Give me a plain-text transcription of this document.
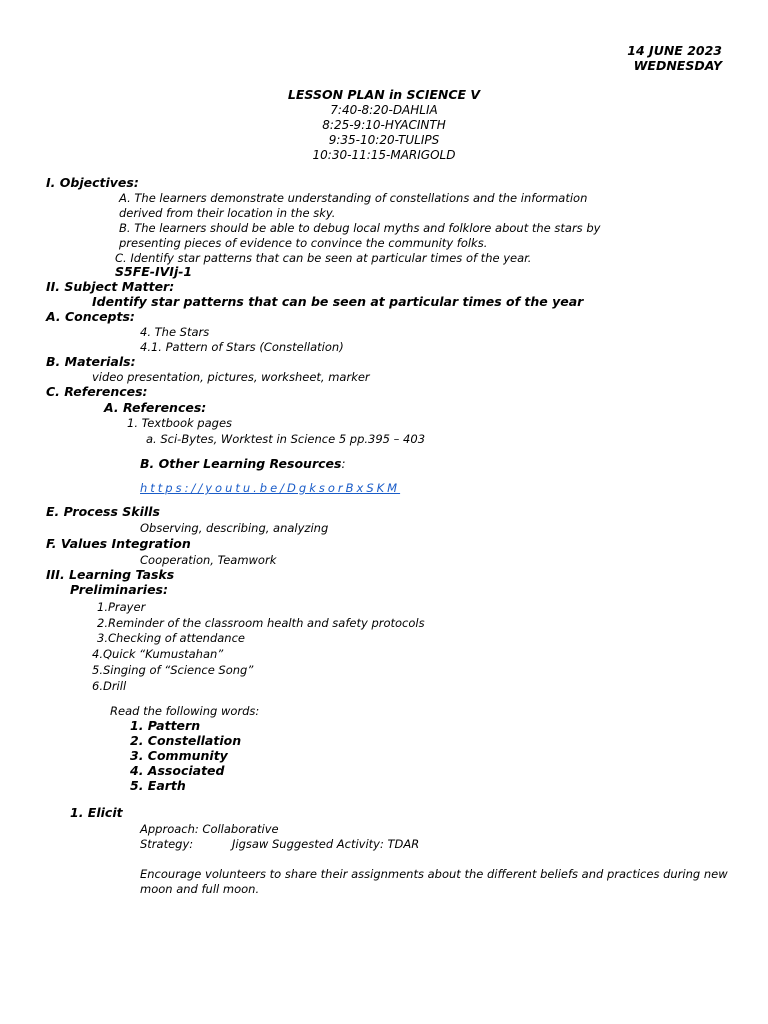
14 JUNE 2023
WEDNESDAY
LESSON PLAN in SCIENCE V
7:40-8:20-DAHLIA
8:25-9:10-HYACINTH
9:35-10:20-TULIPS
10:30-11:15-MARIGOLD
I. Objectives:
A. The learners demonstrate understanding of constellations and the information
derived from their location in the sky.
B. The learners should be able to debug local myths and folklore about the stars by
presenting pieces of evidence to convince the community folks.
C. Identify star patterns that can be seen at particular times of the year.
S5FE-IVIj-1
II. Subject Matter:
Identify star patterns that can be seen at particular times of the year
A. Concepts:
4. The Stars
4.1. Pattern of Stars (Constellation)
B. Materials:
video presentation, pictures, worksheet, marker
C. References:
A. References:
1. Textbook pages
a. Sci-Bytes, Worktest in Science 5 pp.395 – 403
B. Other Learning Resources:
https://youtu.be/DgksorBxSKM
E. Process Skills
Observing, describing, analyzing
F. Values Integration
Cooperation, Teamwork
III. Learning Tasks
Preliminaries:
1.Prayer
2.Reminder of the classroom health and safety protocols
3.Checking of attendance
4.Quick “Kumustahan”
5.Singing of “Science Song”
6.Drill
Read the following words:
1. Pattern
2. Constellation
3. Community
4. Associated
5. Earth
1. Elicit
Approach: Collaborative
Strategy:	Jigsaw Suggested Activity: TDAR
Encourage volunteers to share their assignments about the different beliefs and practices during new
moon and full moon.
